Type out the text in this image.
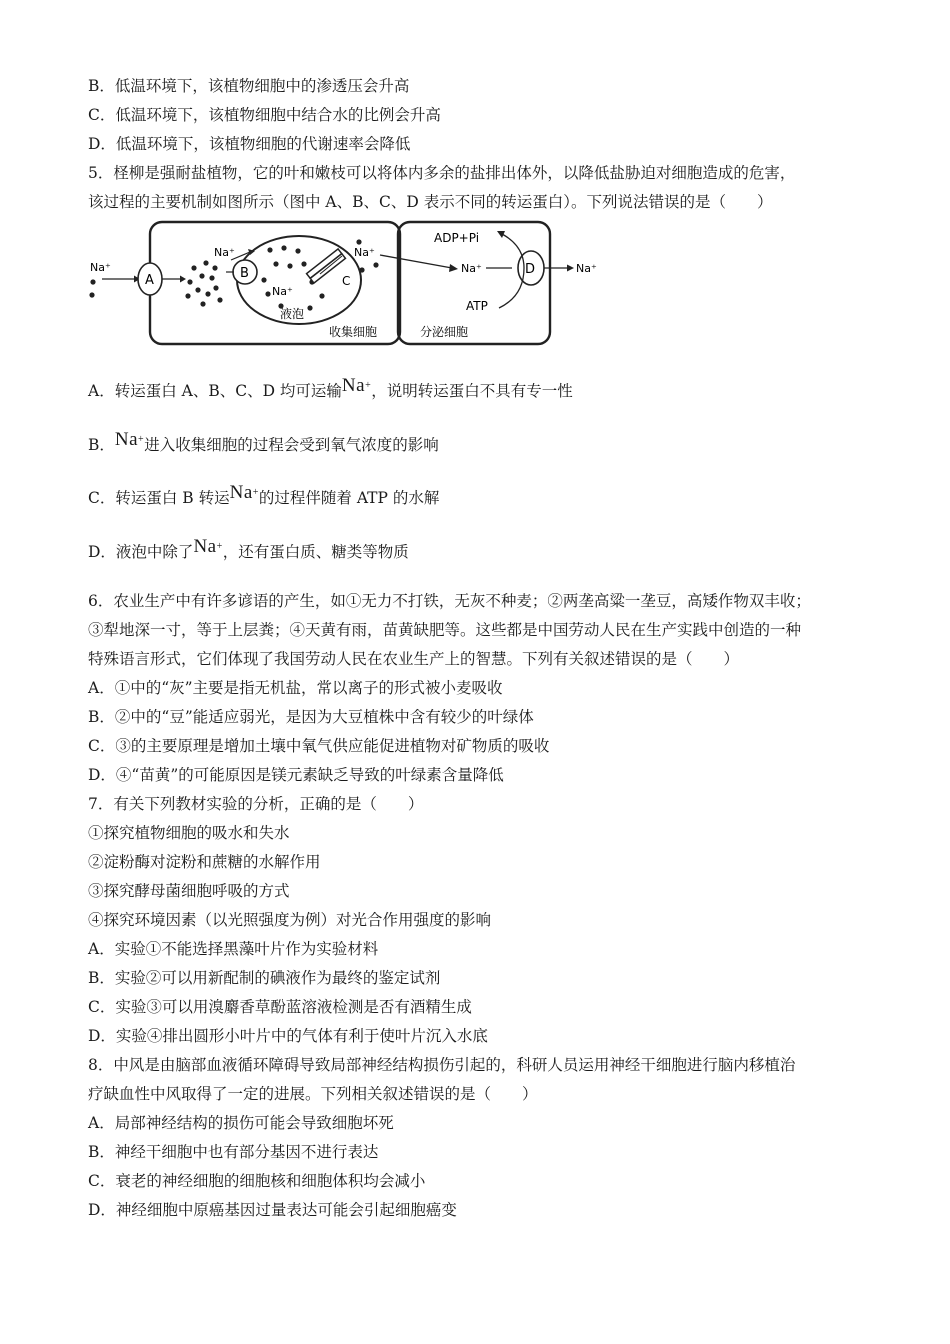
B．低温环境下，该植物细胞中的渗透压会升高
C．低温环境下，该植物细胞中结合水的比例会升高
D．低温环境下，该植物细胞的代谢速率会降低
5．柽柳是强耐盐植物，它的叶和嫩枝可以将体内多余的盐排出体外，以降低盐胁迫对细胞造成的危害，
该过程的主要机制如图所示（图中 A、B、C、D 表示不同的转运蛋白）。下列说法错误的是（　　）
Na⁺
A
Na⁺
B
Na⁺
液泡
C
Na⁺
Na⁺	D	Na⁺
ADP+Pi
ATP
收集细胞	分泌细胞
A．转运蛋白 A、B、C、D 均可运输Na+，说明转运蛋白不具有专一性
B．Na+进入收集细胞的过程会受到氧气浓度的影响
C．转运蛋白 B 转运Na+的过程伴随着 ATP 的水解
D．液泡中除了Na+，还有蛋白质、糖类等物质
6．农业生产中有许多谚语的产生，如①无力不打铁，无灰不种麦；②两垄高粱一垄豆，高矮作物双丰收；
③犁地深一寸，等于上层粪；④天黄有雨，苗黄缺肥等。这些都是中国劳动人民在生产实践中创造的一种
特殊语言形式，它们体现了我国劳动人民在农业生产上的智慧。下列有关叙述错误的是（　　）
A．①中的“灰”主要是指无机盐，常以离子的形式被小麦吸收
B．②中的“豆”能适应弱光，是因为大豆植株中含有较少的叶绿体
C．③的主要原理是增加土壤中氧气供应能促进植物对矿物质的吸收
D．④“苗黄”的可能原因是镁元素缺乏导致的叶绿素含量降低
7．有关下列教材实验的分析，正确的是（　　）
①探究植物细胞的吸水和失水
②淀粉酶对淀粉和蔗糖的水解作用
③探究酵母菌细胞呼吸的方式
④探究环境因素（以光照强度为例）对光合作用强度的影响
A．实验①不能选择黑藻叶片作为实验材料
B．实验②可以用新配制的碘液作为最终的鉴定试剂
C．实验③可以用溴麝香草酚蓝溶液检测是否有酒精生成
D．实验④排出圆形小叶片中的气体有利于使叶片沉入水底
8．中风是由脑部血液循环障碍导致局部神经结构损伤引起的，科研人员运用神经干细胞进行脑内移植治
疗缺血性中风取得了一定的进展。下列相关叙述错误的是（　　）
A．局部神经结构的损伤可能会导致细胞坏死
B．神经干细胞中也有部分基因不进行表达
C．衰老的神经细胞的细胞核和细胞体积均会减小
D．神经细胞中原癌基因过量表达可能会引起细胞癌变
